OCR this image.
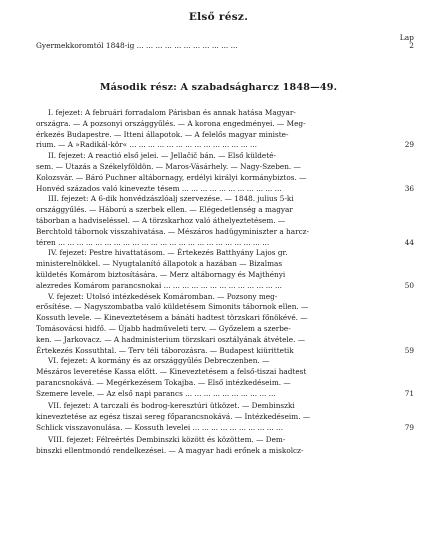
Első rész.
Lap
Gyermekkoromtól 1848-ig ... ... ... ... ... ... ... ... ... ... ...	2
Második rész: A szabadságharcz 1848—49.
I. fejezet: A februári forradalom Párisban és annak hatása Magyar-
országra. — A pozsonyi országgyűlés. — A korona engedményei. — Meg-
érkezés Budapestre. — Itteni állapotok. — A felelős magyar ministe-
rium. — A »Radikál-kör« ... ... ... ... ... ... ... ... ... ... ... ... ... ...	29
II. fejezet: A reactió első jelei. — Jellačič bán. — Első küldeté-
sem. — Utazás a Székelyföldön. — Maros-Vásárhely. — Nagy-Szeben. —
Kolozsvár. — Báró Puchner altábornagy, erdélyi királyi kormánybiztos. —
Honvéd százados való kinevezte tésem ... ... ... ... ... ... ... ... ... ... ...	36
III. fejezet: A 6-dik honvédzászlóalj szervezése. — 1848. julius 5-ki
országgyűlés. — Háború a szerbek ellen. — Elégedetlenség a magyar
táborban a hadviseléssel. — A törzskarhoz való áthelyeztetésem. —
Berchtold tábornok visszahivatása. — Mészáros hadügyminiszter a harcz-
téren ... ... ... ... ... ... ... ... ... ... ... ... ... ... ... ... ... ... ... ... ... ... ...	44
IV. fejezet: Pestre hivattatásom. — Értekezés Batthyány Lajos gr.
ministerelnökkel. — Nyugtalanító állapotok a hazában — Bizalmas
küldetés Komárom biztosítására. — Merz altábornagy és Majthényi
alezredes Komárom parancsnokai ... ... ... ... ... ... ... ... ... ... ... ... ...	50
V. fejezet: Utolsó intézkedések Komáromban. — Pozsony meg-
erősítése. — Nagyszombatba való küldetésem Simonits tábornok ellen. —
Kossuth levele. — Kineveztetésem a bánáti hadtest törzskari főnökévé. —
Tomásovácsi hidfő. — Újabb hadműveleti terv. — Győzelem a szerbe-
ken. — Jarkovacz. — A hadministerium törzskari osztályának átvétele. —
Értekezés Kossuthtal. — Terv téli táborozásra. — Budapest kiürittetik	59
VI. fejezet: A kormány és az országgyűlés Debreczenben. —
Mészáros leveretése Kassa előtt. — Kineveztetésem a felső-tiszai hadtest
parancsnokává. — Megérkezésem Tokajba. — Első intézkedéseim. —
Szemere levele. — Az első napi parancs ... ... ... ... ... ... ... ... ... ...	71
VII. fejezet: A tarczali és bodrog-keresztúri ütközet. — Dembinszki
kineveztetése az egész tiszai sereg főparancsnokává. — Intézkedéseim. —
Schlick visszavonulása. — Kossuth levelei ... ... ... ... ... ... ... ... ... ...	79
VIII. fejezet: Félreértés Dembinszki között és közöttem. — Dem-
binszki ellentmondó rendelkezései. — A magyar hadi erőnek a miskolcz-
